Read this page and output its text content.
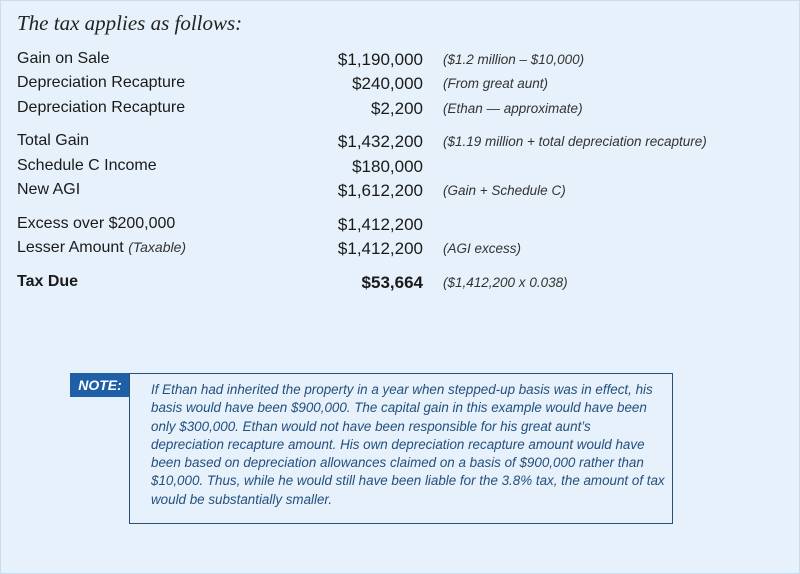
The tax applies as follows:
Gain on Sale	$1,190,000 ($1.2 million – $10,000)
Depreciation Recapture	$240,000 (From great aunt)
Depreciation Recapture	$2,200 (Ethan — approximate)
Total Gain	$1,432,200 ($1.19 million + total depreciation recapture)
Schedule C Income	$180,000
New AGI	$1,612,200 (Gain + Schedule C)
Excess over $200,000	$1,412,200
Lesser Amount (Taxable)	$1,412,200 (AGI excess)
Tax Due	$53,664 ($1,412,200 x 0.038)
NOTE:	If Ethan had inherited the property in a year when stepped-up basis was in effect, his basis would have been $900,000. The capital gain in this example would have been only $300,000. Ethan would not have been responsible for his great aunt’s depreciation recapture amount. His own depreciation recapture amount would have been based on depreciation allowances claimed on a basis of $900,000 rather than $10,000. Thus, while he would still have been liable for the 3.8% tax, the amount of tax would be substantially smaller.
